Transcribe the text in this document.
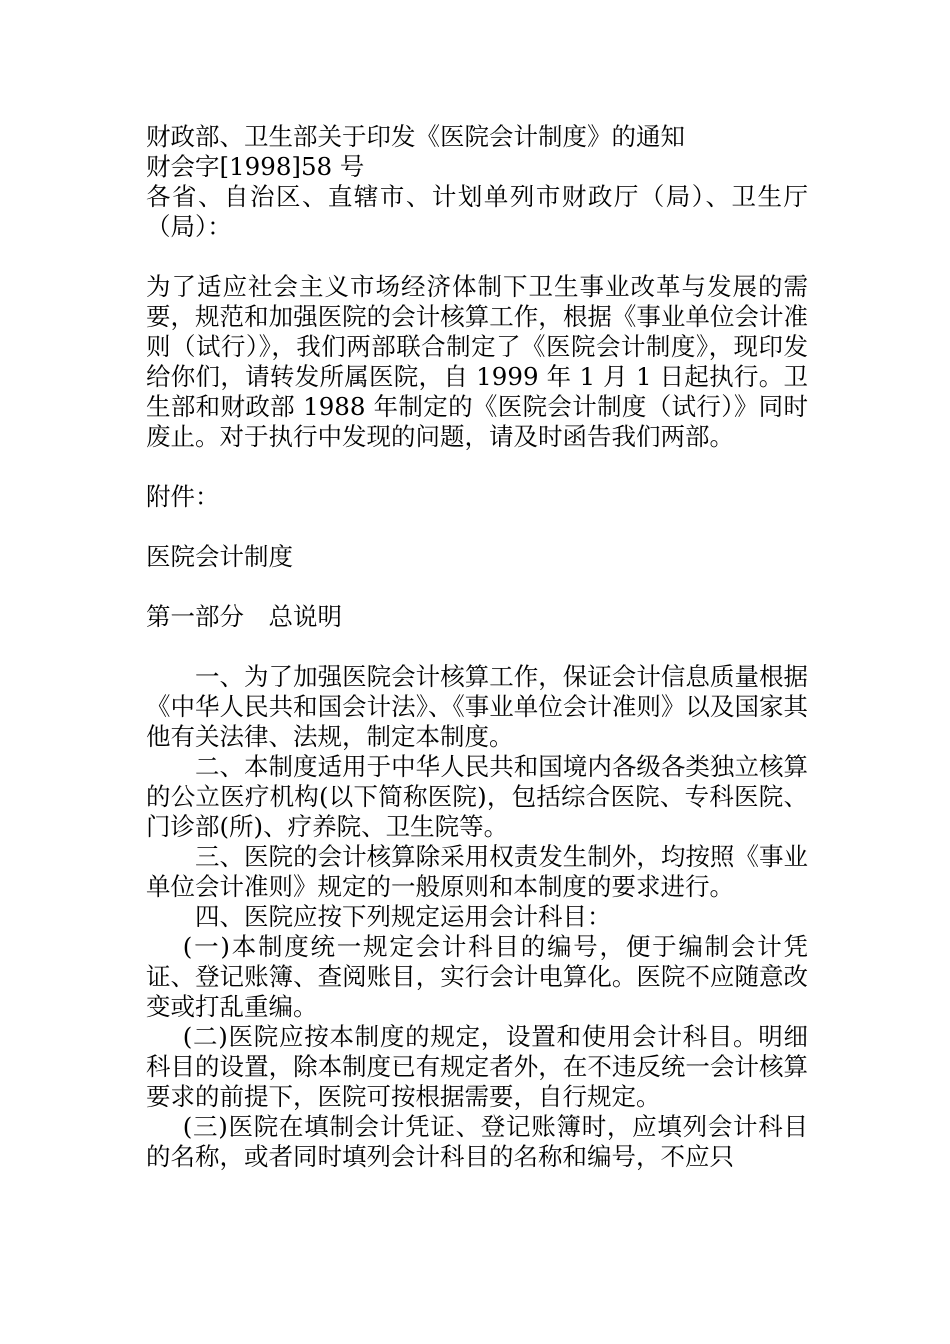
财政部、卫生部关于印发《医院会计制度》的通知

财会字[1998]58 号

各省、自治区、直辖市、计划单列市财政厅（局）、卫生厅（局）：

为了适应社会主义市场经济体制下卫生事业改革与发展的需要，规范和加强医院的会计核算工作，根据《事业单位会计准则（试行）》，我们两部联合制定了《医院会计制度》，现印发给你们，请转发所属医院，自 1999 年 1 月 1 日起执行。卫生部和财政部 1988 年制定的《医院会计制度（试行）》同时废止。对于执行中发现的问题，请及时函告我们两部。

附件：

医院会计制度

第一部分　总说明

一、为了加强医院会计核算工作，保证会计信息质量根据《中华人民共和国会计法》、《事业单位会计准则》以及国家其他有关法律、法规，制定本制度。

二、本制度适用于中华人民共和国境内各级各类独立核算的公立医疗机构(以下简称医院)，包括综合医院、专科医院、门诊部(所)、疗养院、卫生院等。

三、医院的会计核算除采用权责发生制外，均按照《事业单位会计准则》规定的一般原则和本制度的要求进行。

四、医院应按下列规定运用会计科目：

(一)本制度统一规定会计科目的编号，便于编制会计凭证、登记账簿、查阅账目，实行会计电算化。医院不应随意改变或打乱重编。

(二)医院应按本制度的规定，设置和使用会计科目。明细科目的设置，除本制度已有规定者外，在不违反统一会计核算要求的前提下，医院可按根据需要，自行规定。

(三)医院在填制会计凭证、登记账簿时，应填列会计科目的名称，或者同时填列会计科目的名称和编号，不应只
